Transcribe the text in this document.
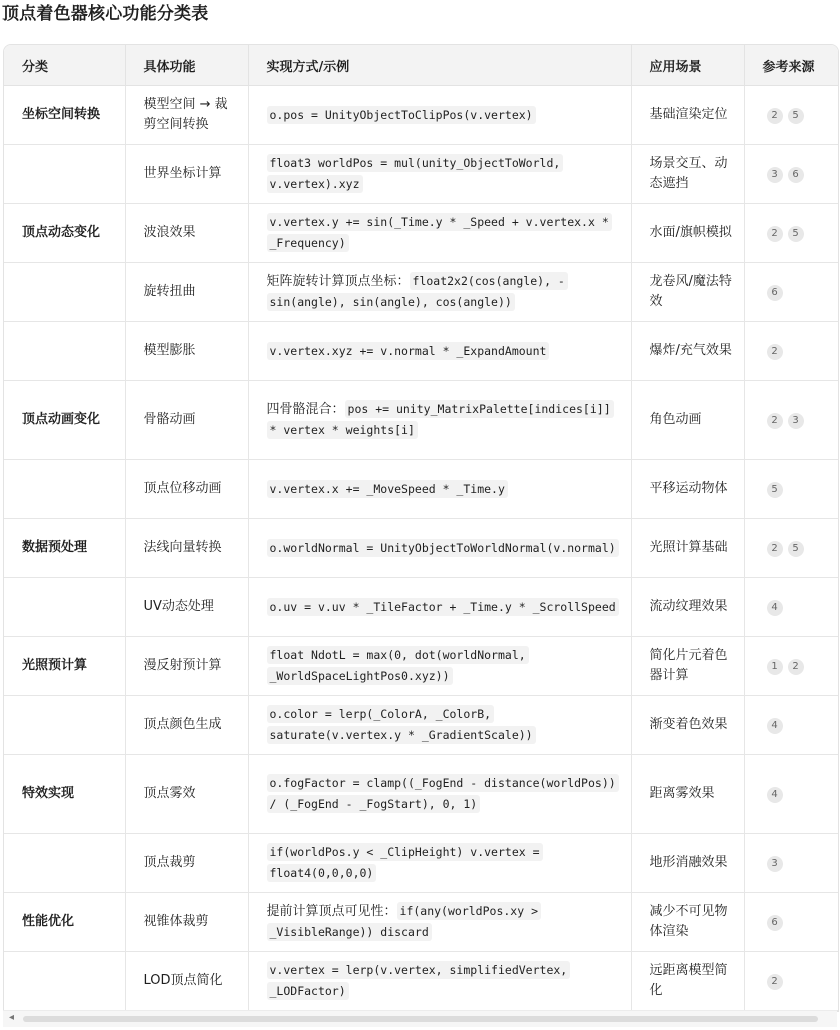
顶点着色器核心功能分类表
分类	具体功能	实现方式/示例	应用场景	参考来源
坐标空间转换	模型空间 → 裁剪空间转换	o.pos = UnityObjectToClipPos(v.vertex)	基础渲染定位	2 5
	世界坐标计算	float3 worldPos = mul(unity_ObjectToWorld, v.vertex).xyz	场景交互、动态遮挡	3 6
顶点动态变化	波浪效果	v.vertex.y += sin(_Time.y * _Speed + v.vertex.x * _Frequency)	水面/旗帜模拟	2 5
	旋转扭曲	矩阵旋转计算顶点坐标： float2x2(cos(angle), -sin(angle), sin(angle), cos(angle))	龙卷风/魔法特效	6
	模型膨胀	v.vertex.xyz += v.normal * _ExpandAmount	爆炸/充气效果	2
顶点动画变化	骨骼动画	四骨骼混合： pos += unity_MatrixPalette[indices[i]] * vertex * weights[i]	角色动画	2 3
	顶点位移动画	v.vertex.x += _MoveSpeed * _Time.y	平移运动物体	5
数据预处理	法线向量转换	o.worldNormal = UnityObjectToWorldNormal(v.normal)	光照计算基础	2 5
	UV动态处理	o.uv = v.uv * _TileFactor + _Time.y * _ScrollSpeed	流动纹理效果	4
光照预计算	漫反射预计算	float NdotL = max(0, dot(worldNormal, _WorldSpaceLightPos0.xyz))	简化片元着色器计算	1 2
	顶点颜色生成	o.color = lerp(_ColorA, _ColorB, saturate(v.vertex.y * _GradientScale))	渐变着色效果	4
特效实现	顶点雾效	o.fogFactor = clamp((_FogEnd - distance(worldPos)) / (_FogEnd - _FogStart), 0, 1)	距离雾效果	4
	顶点裁剪	if(worldPos.y < _ClipHeight) v.vertex = float4(0,0,0,0)	地形消融效果	3
性能优化	视锥体裁剪	提前计算顶点可见性： if(any(worldPos.xy > _VisibleRange)) discard	减少不可见物体渲染	6
	LOD顶点简化	v.vertex = lerp(v.vertex, simplifiedVertex, _LODFactor)	远距离模型简化	2
◂
